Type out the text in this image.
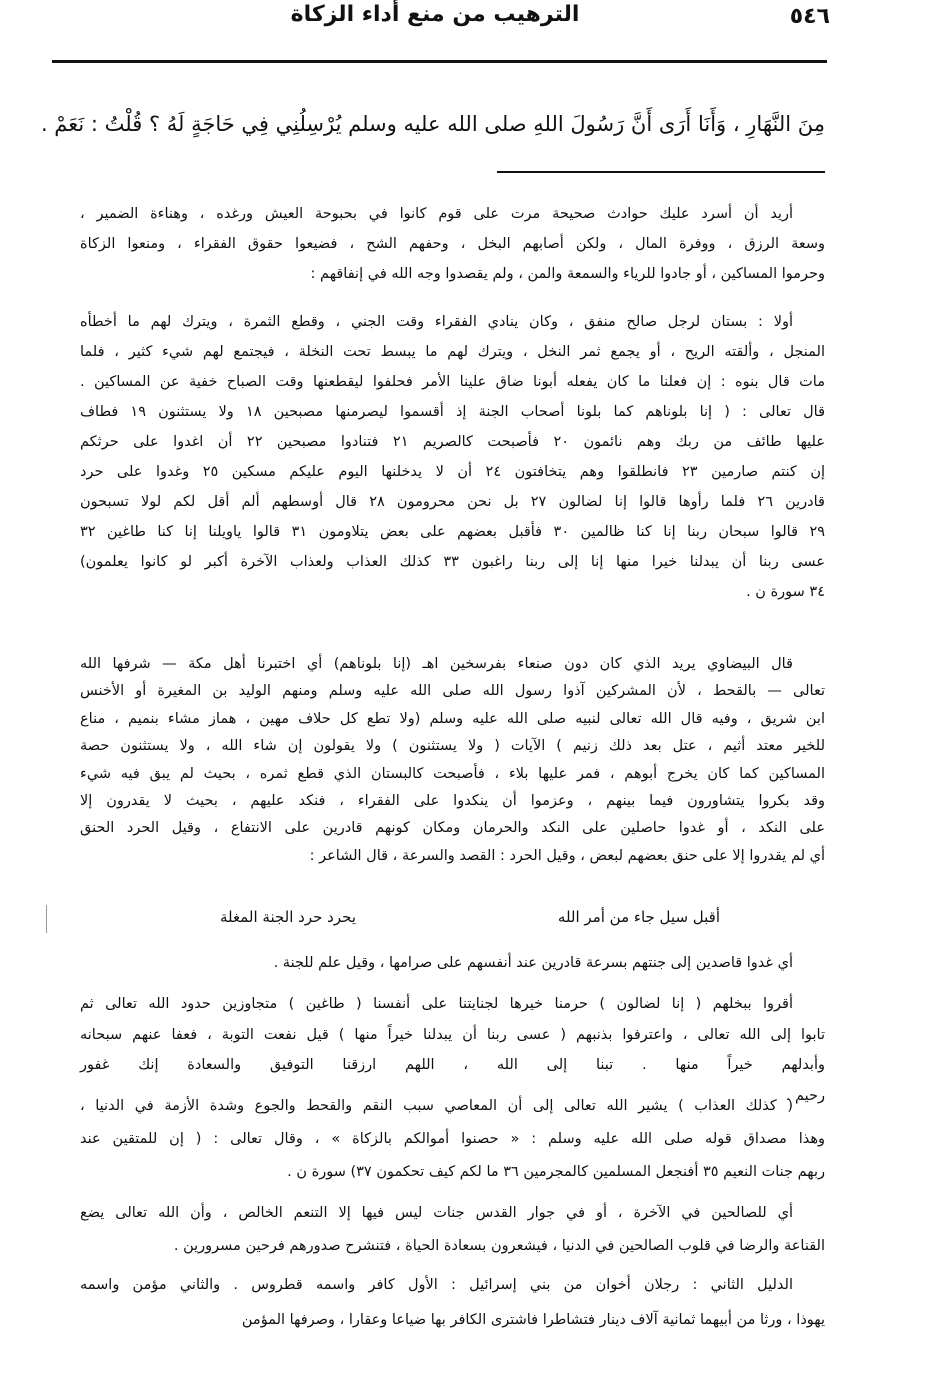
٥٤٦
الترهيب من منع أداء الزكاة
مِنَ النَّهَارِ ، وَأَنَا أَرَى أَنَّ رَسُولَ اللهِ صلى الله عليه وسلم يُرْسِلُنِي فِي حَاجَةٍ لَهُ ؟ قُلْتُ : نَعَمْ .
أريد أن أسرد عليك حوادث صحيحة مرت على قوم كانوا في بحبوحة العيش ورغده ، وهناءة الضمير ،
وسعة الرزق ، ووفرة المال ، ولكن أصابهم البخل ، وحفهم الشح ، فضيعوا حقوق الفقراء ، ومنعوا الزكاة
وحرموا المساكين ، أو جادوا للرياء والسمعة والمن ، ولم يقصدوا وجه الله في إنفاقهم :
أولا : بستان لرجل صالح منفق ، وكان ينادي الفقراء وقت الجني ، وقطع الثمرة ، ويترك لهم ما أخطأه
المنجل ، وألقته الريح ، أو يجمع ثمر النخل ، ويترك لهم ما يبسط تحت النخلة ، فيجتمع لهم شيء كثير ، فلما
مات قال بنوه : إن فعلنا ما كان يفعله أبونا ضاق علينا الأمر فحلفوا ليقطعنها وقت الصباح خفية عن المساكين .
قال تعالى : ( إنا بلوناهم كما بلونا أصحاب الجنة إذ أقسموا ليصرمنها مصبحين ١٨ ولا يستثنون ١٩ فطاف
عليها طائف من ربك وهم نائمون ٢٠ فأصبحت كالصريم ٢١ فتنادوا مصبحين ٢٢ أن اغدوا على حرثكم
إن كنتم صارمين ٢٣ فانطلقوا وهم يتخافتون ٢٤ أن لا يدخلنها اليوم عليكم مسكين ٢٥ وغدوا على حرد
قادرين ٢٦ فلما رأوها قالوا إنا لضالون ٢٧ بل نحن محرومون ٢٨ قال أوسطهم ألم أقل لكم لولا تسبحون
٢٩ قالوا سبحان ربنا إنا كنا ظالمين ٣٠ فأقبل بعضهم على بعض يتلاومون ٣١ قالوا ياويلنا إنا كنا طاغين ٣٢
عسى ربنا أن يبدلنا خيرا منها إنا إلى ربنا راغبون ٣٣ كذلك العذاب ولعذاب الآخرة أكبر لو كانوا يعلمون)
٣٤ سورة ن .
قال البيضاوي يريد الذي كان دون صنعاء بفرسخين اهـ (إنا بلوناهم) أي اختبرنا أهل مكة — شرفها الله
تعالى — بالقحط ، لأن المشركين آذوا رسول الله صلى الله عليه وسلم ومنهم الوليد بن المغيرة أو الأخنس
ابن شريق ، وفيه قال الله تعالى لنبيه صلى الله عليه وسلم (ولا تطع كل حلاف مهين ، هماز مشاء بنميم ، مناع
للخير معتد أثيم ، عتل بعد ذلك زنيم ) الآيات ( ولا يستثنون ) ولا يقولون إن شاء الله ، ولا يستثنون حصة
المساكين كما كان يخرج أبوهم ، فمر عليها بلاء ، فأصبحت كالبستان الذي قطع ثمره ، بحيث لم يبق فيه شيء
وقد بكروا يتشاورون فيما بينهم ، وعزموا أن ينكدوا على الفقراء ، فنكد عليهم ، بحيث لا يقدرون إلا
على النكد ، أو غدوا حاصلين على النكد والحرمان ومكان كونهم قادرين على الانتفاع ، وقيل الحرد الحنق
أي لم يقدروا إلا على حنق بعضهم لبعض ، وقيل الحرد : القصد والسرعة ، قال الشاعر :
أي غدوا قاصدين إلى جنتهم بسرعة قادرين عند أنفسهم على صرامها ، وقيل علم للجنة .
أقروا ببخلهم ( إنا لضالون ) حرمنا خيرها لجنايتنا على أنفسنا ( طاغين ) متجاوزين حدود الله تعالى ثم
تابوا إلى الله تعالى ، واعترفوا بذنبهم ( عسى ربنا أن يبدلنا خيراً منها ) قيل نفعت التوبة ، فعفا عنهم سبحانه
وأبدلهم خيراً منها . تبنا إلى الله ، اللهم ارزقنا التوفيق والسعادة إنك غفور
رحيم .
( كذلك العذاب ) يشير الله تعالى إلى أن المعاصي سبب النقم والقحط والجوع وشدة الأزمة في الدنيا ،
وهذا مصداق قوله صلى الله عليه وسلم : « حصنوا أموالكم بالزكاة » ، وقال تعالى : ( إن للمتقين عند
ربهم جنات النعيم ٣٥ أفنجعل المسلمين كالمجرمين ٣٦ ما لكم كيف تحكمون ٣٧) سورة ن .
أي للصالحين في الآخرة ، أو في جوار القدس جنات ليس فيها إلا التنعم الخالص ، وأن الله تعالى يضع
القناعة والرضا في قلوب الصالحين في الدنيا ، فيشعرون بسعادة الحياة ، فتنشرح صدورهم فرحين مسرورين .
الدليل الثاني : رجلان أخوان من بني إسرائيل : الأول كافر واسمه قطروس . والثاني مؤمن واسمه
يهوذا ، ورثا من أبيهما ثمانية آلاف دينار فتشاطرا فاشترى الكافر بها ضياعا وعقارا ، وصرفها المؤمن
أقبل سيل جاء من أمر الله
يحرد حرد الجنة المغلة
